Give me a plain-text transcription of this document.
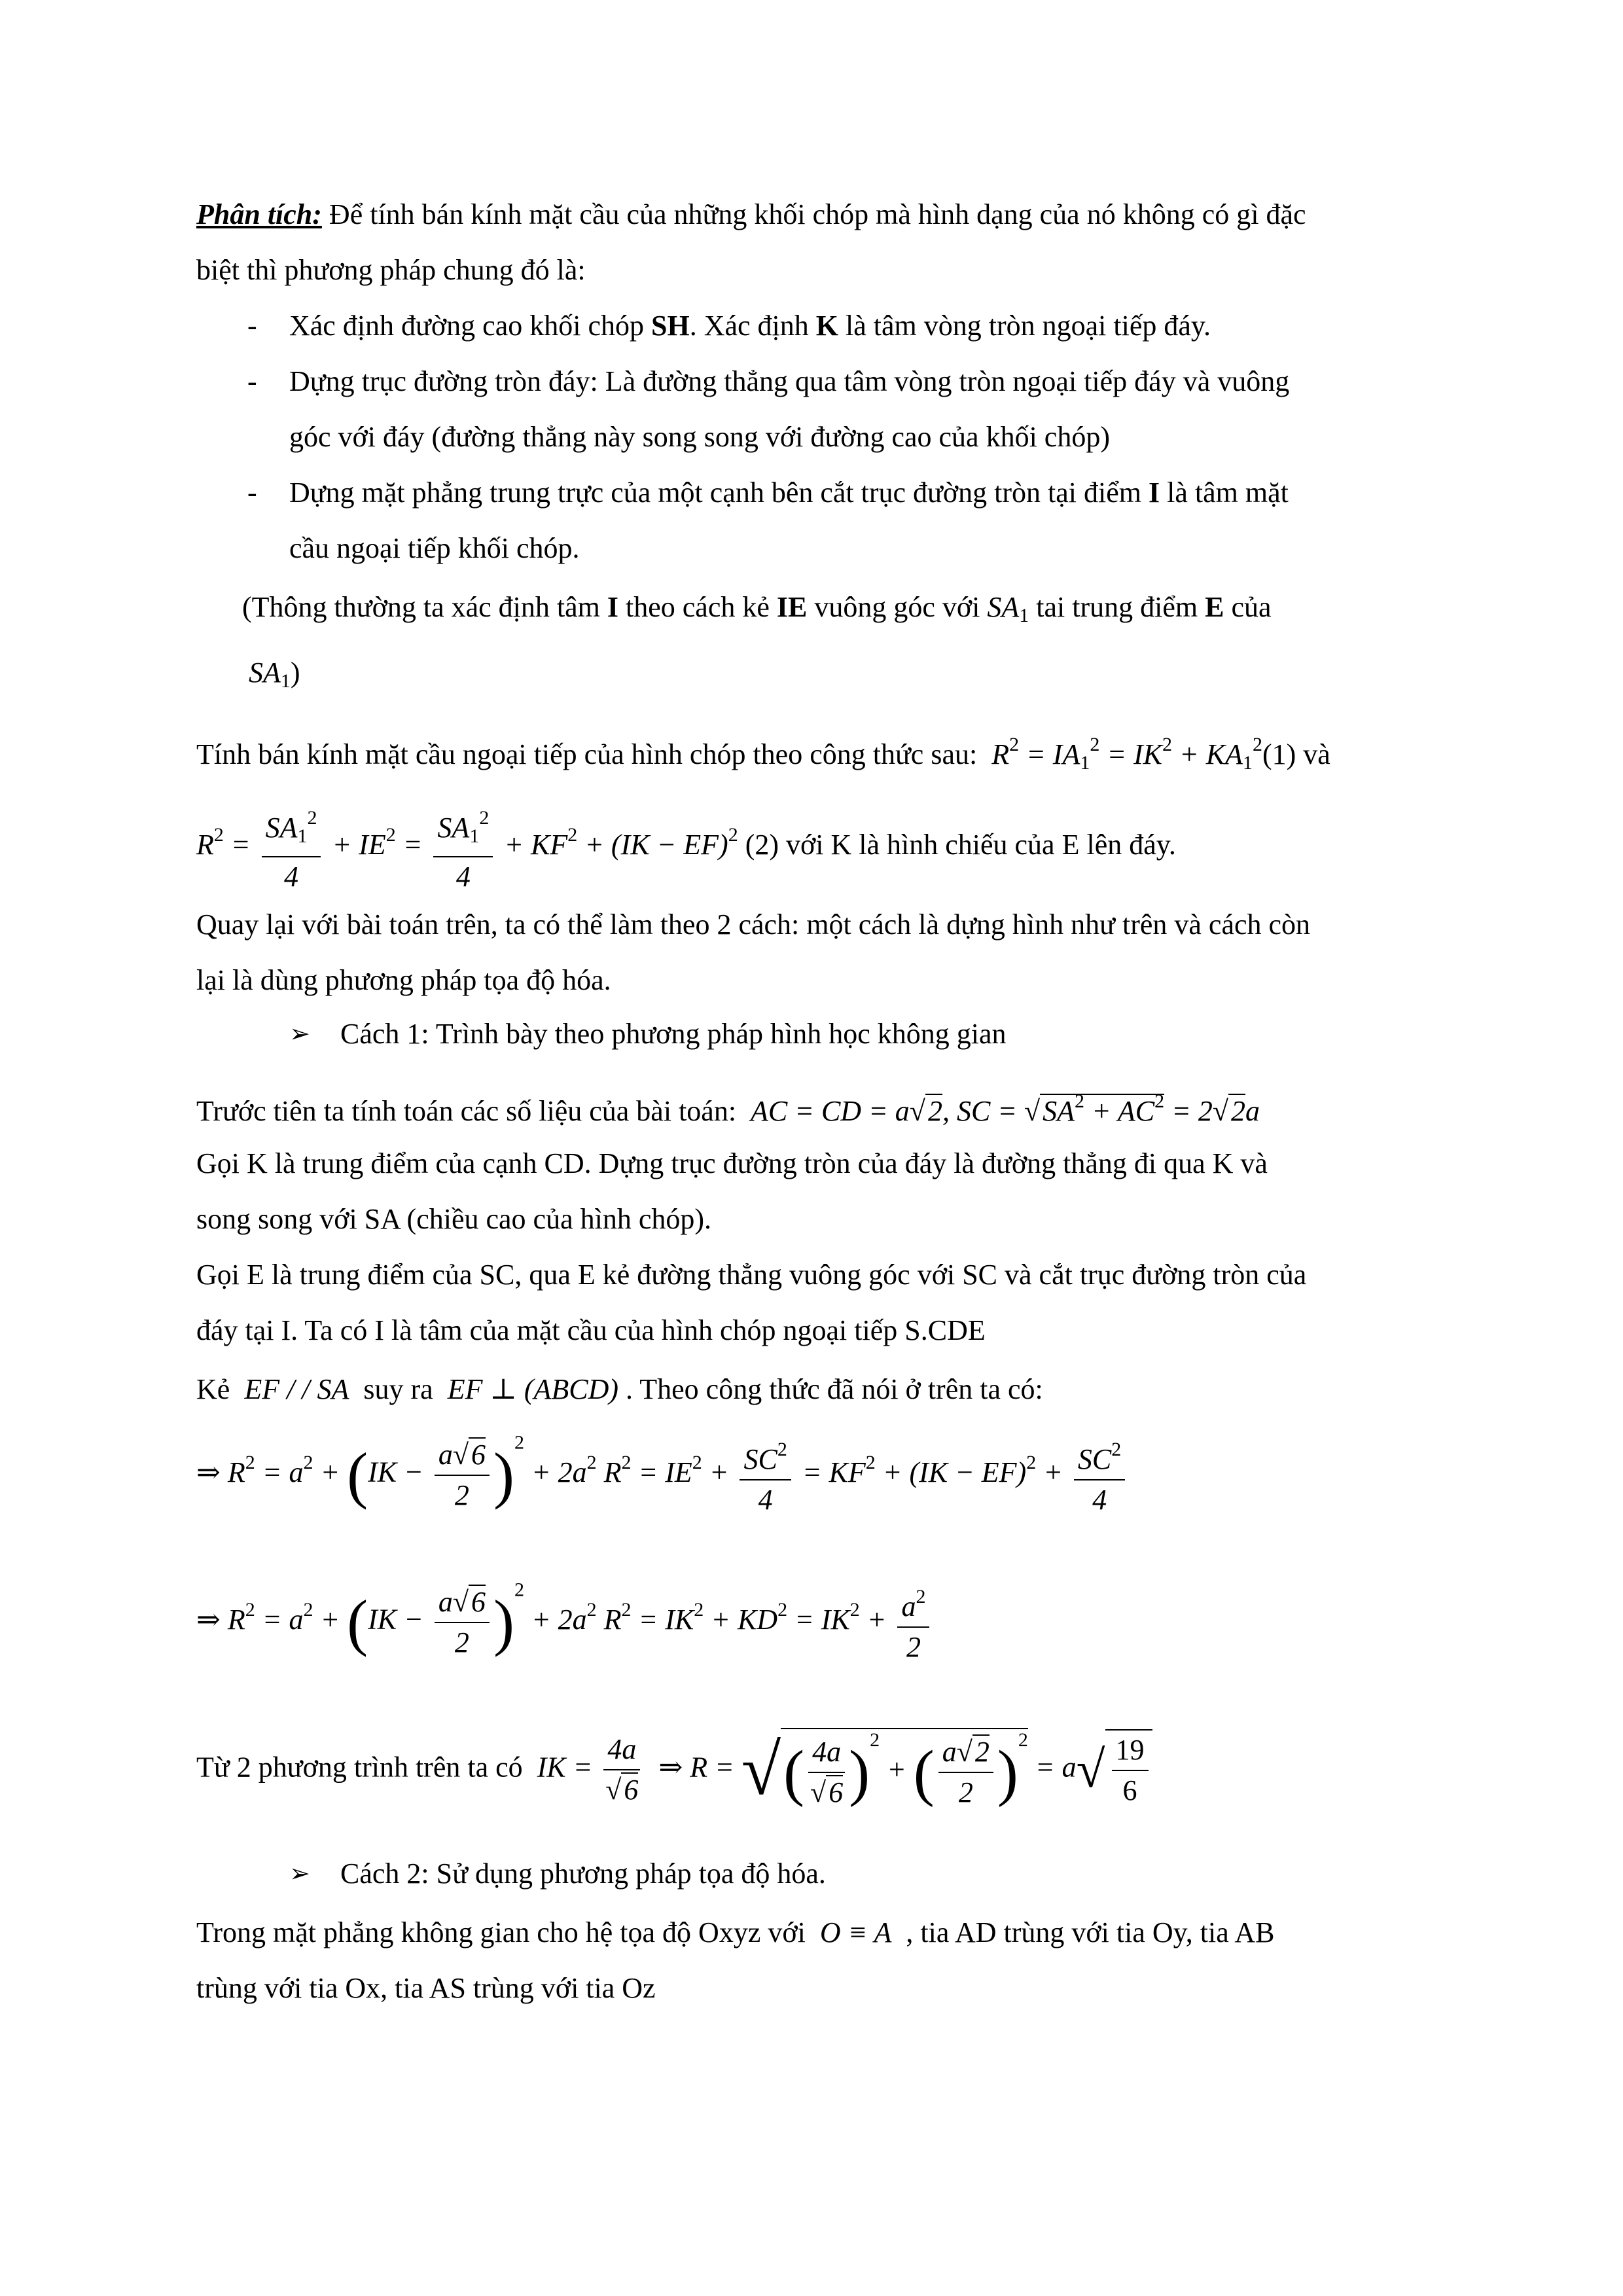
Phân tích: Để tính bán kính mặt cầu của những khối chóp mà hình dạng của nó không có gì đặc
biệt thì phương pháp chung đó là:
- Xác định đường cao khối chóp SH. Xác định K là tâm vòng tròn ngoại tiếp đáy.
- Dựng trục đường tròn đáy: Là đường thẳng qua tâm vòng tròn ngoại tiếp đáy và vuông
góc với đáy (đường thẳng này song song với đường cao của khối chóp)
- Dựng mặt phẳng trung trực của một cạnh bên cắt trục đường tròn tại điểm I là tâm mặt
cầu ngoại tiếp khối chóp.
(Thông thường ta xác định tâm I theo cách kẻ IE vuông góc với $SA_1$ tai trung điểm E của
$SA_1$)
Tính bán kính mặt cầu ngoại tiếp của hình chóp theo công thức sau:  $R^2 = IA_1^2 = IK^2 + KA_1^2(1)$ và
$R^2 = \frac{SA_1^2}{4} + IE^2 = \frac{SA_1^2}{4} + KF^2 + (IK - EF)^2$ (2) với K là hình chiếu của E lên đáy.
Quay lại với bài toán trên, ta có thể làm theo 2 cách: một cách là dựng hình như trên và cách còn
lại là dùng phương pháp tọa độ hóa.
➢ Cách 1: Trình bày theo phương pháp hình học không gian
Trước tiên ta tính toán các số liệu của bài toán:  AC = CD = a√2, SC = $√SA^2 + AC^2 = 2√2a$
Gọi K là trung điểm của cạnh CD. Dựng trục đường tròn của đáy là đường thẳng đi qua K và
song song với SA (chiều cao của hình chóp).
Gọi E là trung điểm của SC, qua E kẻ đường thẳng vuông góc với SC và cắt trục đường tròn của
đáy tại I. Ta có I là tâm của mặt cầu của hình chóp ngoại tiếp S.CDE
Kẻ  EF / / SA  suy ra  EF ⊥ (ABCD) . Theo công thức đã nói ở trên ta có:
⇒ $R^2 = a^2 + (IK - \frac{a√6}{2} )^2 + 2a^2$ $R^2 = IE^2 + \frac{SC^2}{4} = KF^2 + (IK - EF)^2 + \frac{SC^2}{4}$
⇒ $R^2 = a^2 + (IK - \frac{a√6}{2} )^2 + 2a^2$ $R^2 = IK^2 + KD^2 = IK^2 + \frac{a^2}{2}$
Từ 2 phương trình trên ta có  IK = $\frac{4a}{√6}$ ⇒ R = √( $\frac{4a}{√6} )^2$ + ( $\frac{a√2}{2} )^2 = a√ \frac{19}{6}$
➢ Cách 2: Sử dụng phương pháp tọa độ hóa.
Trong mặt phẳng không gian cho hệ tọa độ Oxyz với  O ≡ A  , tia AD trùng với tia Oy, tia AB
trùng với tia Ox, tia AS trùng với tia Oz
